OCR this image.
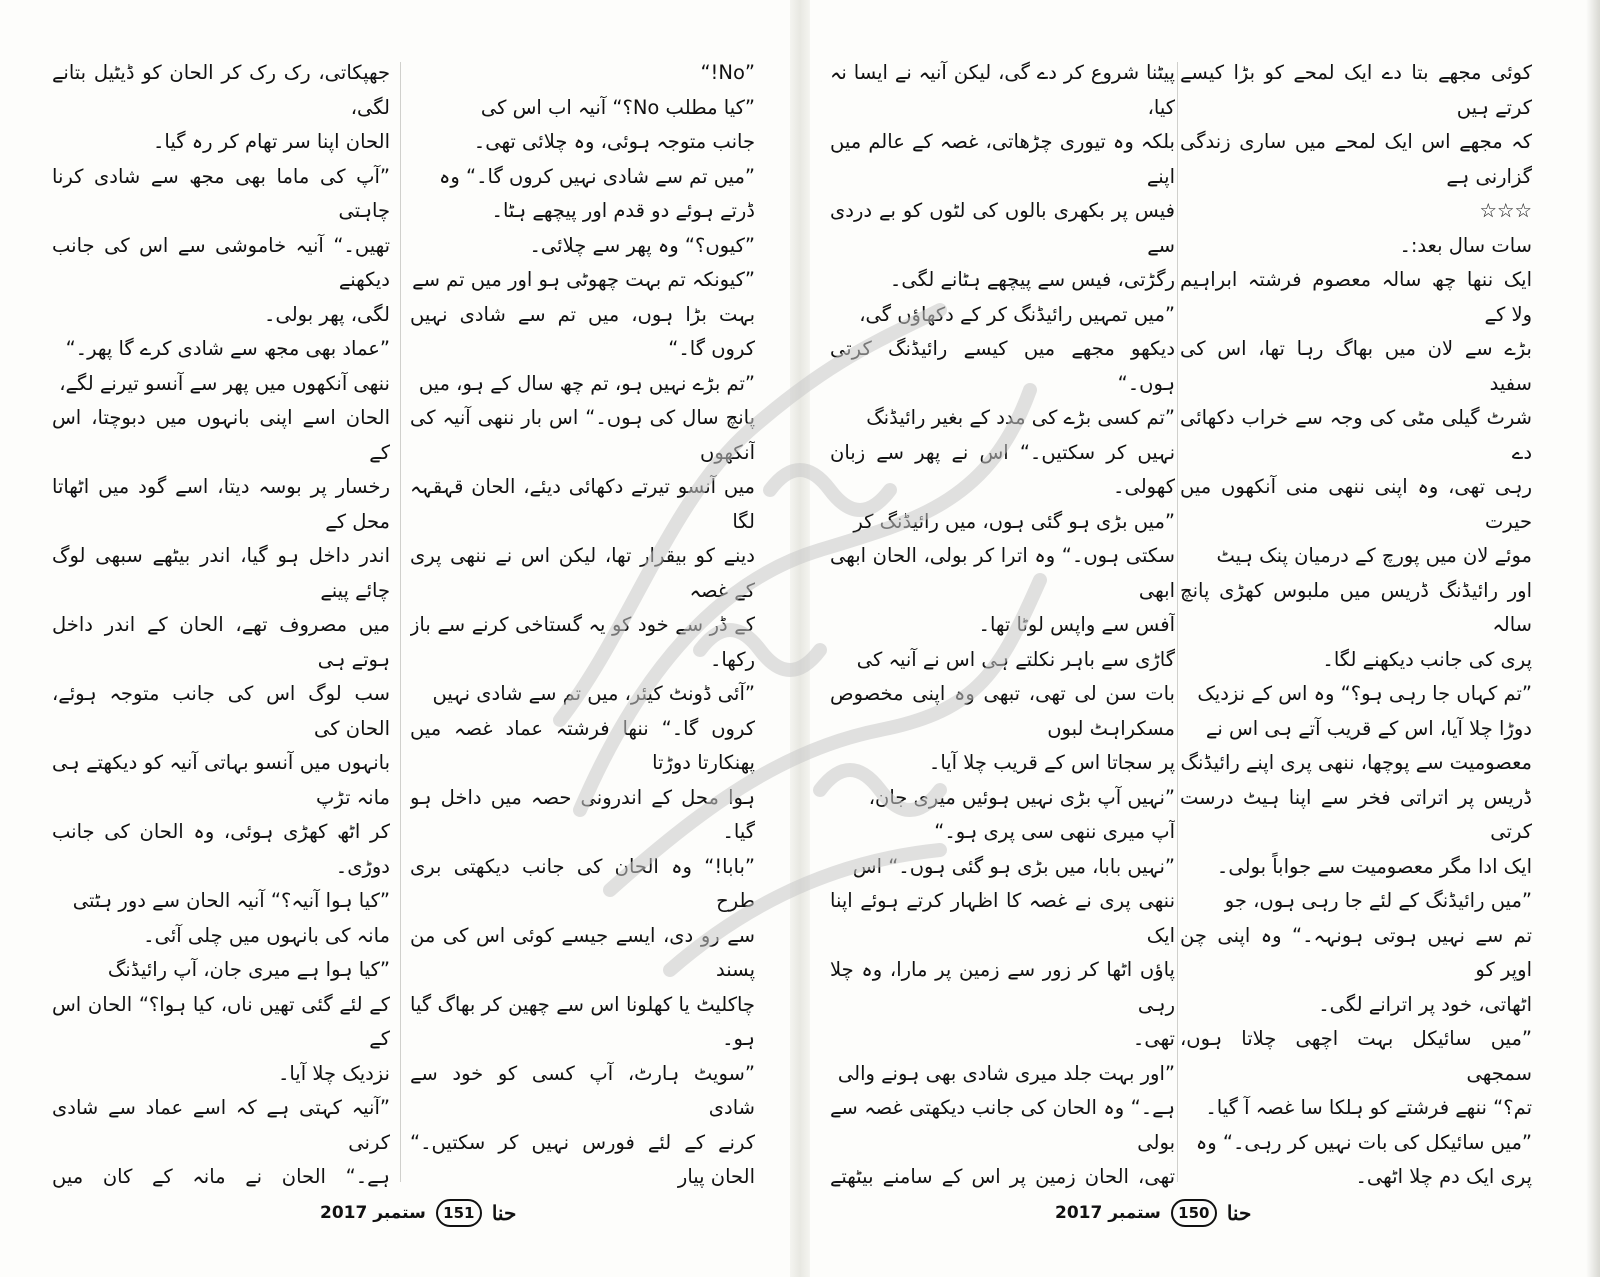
جھپکاتی، رک رک کر الحان کو ڈیٹیل بتانے لگی،
الحان اپنا سر تھام کر رہ گیا۔
”آپ کی ماما بھی مجھ سے شادی کرنا چاہتی
تھیں۔“ آنیہ خاموشی سے اس کی جانب دیکھنے
لگی، پھر بولی۔
”عماد بھی مجھ سے شادی کرے گا پھر۔“
ننھی آنکھوں میں پھر سے آنسو تیرنے لگے،
الحان اسے اپنی بانہوں میں دبوچتا، اس کے
رخسار پر بوسہ دیتا، اسے گود میں اٹھاتا محل کے
اندر داخل ہو گیا، اندر بیٹھے سبھی لوگ چائے پینے
میں مصروف تھے، الحان کے اندر داخل ہوتے ہی
سب لوگ اس کی جانب متوجہ ہوئے، الحان کی
بانہوں میں آنسو بہاتی آنیہ کو دیکھتے ہی مانہ تڑپ
کر اٹھ کھڑی ہوئی، وہ الحان کی جانب دوڑی۔
”کیا ہوا آنیہ؟“ آنیہ الحان سے دور ہٹتی
مانہ کی بانہوں میں چلی آئی۔
”کیا ہوا ہے میری جان، آپ رائیڈنگ
کے لئے گئی تھیں ناں، کیا ہوا؟“ الحان اس کے
نزدیک چلا آیا۔
”آنیہ کہتی ہے کہ اسے عماد سے شادی کرنی
ہے۔“ الحان نے مانہ کے کان میں

”No!“
”کیا مطلب No؟“ آنیہ اب اس کی
جانب متوجہ ہوئی، وہ چلائی تھی۔
”میں تم سے شادی نہیں کروں گا۔“ وہ
ڈرتے ہوئے دو قدم اور پیچھے ہٹا۔
”کیوں؟“ وہ پھر سے چلائی۔
”کیونکہ تم بہت چھوٹی ہو اور میں تم سے
بہت بڑا ہوں، میں تم سے شادی نہیں کروں گا۔“
”تم بڑے نہیں ہو، تم چھ سال کے ہو، میں
پانچ سال کی ہوں۔“ اس بار ننھی آنیہ کی آنکھوں
میں آنسو تیرتے دکھائی دیئے، الحان قہقہہ لگا
دینے کو بیقرار تھا، لیکن اس نے ننھی پری کے غصہ
کے ڈر سے خود کو یہ گستاخی کرنے سے باز رکھا۔
”آئی ڈونٹ کیئر، میں تم سے شادی نہیں
کروں گا۔“ ننھا فرشتہ عماد غصہ میں پھنکارتا دوڑتا
ہوا محل کے اندرونی حصہ میں داخل ہو گیا۔
”بابا!“ وہ الحان کی جانب دیکھتی بری طرح
سے رو دی، ایسے جیسے کوئی اس کی من پسند
چاکلیٹ یا کھلونا اس سے چھین کر بھاگ گیا ہو۔
”سویٹ ہارٹ، آپ کسی کو خود سے شادی
کرنے کے لئے فورس نہیں کر سکتیں۔“ الحان پیار

ستمبر 2017	151 حنا
پیٹنا شروع کر دے گی، لیکن آنیہ نے ایسا نہ کیا،
بلکہ وہ تیوری چڑھاتی، غصہ کے عالم میں اپنے
فیس پر بکھری بالوں کی لٹوں کو بے دردی سے
رگڑتی، فیس سے پیچھے ہٹانے لگی۔
”میں تمہیں رائیڈنگ کر کے دکھاؤں گی،
دیکھو مجھے میں کیسے رائیڈنگ کرتی ہوں۔“
”تم کسی بڑے کی مدد کے بغیر رائیڈنگ
نہیں کر سکتیں۔“ اس نے پھر سے زبان کھولی۔
”میں بڑی ہو گئی ہوں، میں رائیڈنگ کر
سکتی ہوں۔“ وہ اترا کر بولی، الحان ابھی ابھی
آفس سے واپس لوٹا تھا۔
گاڑی سے باہر نکلتے ہی اس نے آنیہ کی
بات سن لی تھی، تبھی وہ اپنی مخصوص مسکراہٹ لبوں
پر سجاتا اس کے قریب چلا آیا۔
”نہیں آپ بڑی نہیں ہوئیں میری جان،
آپ میری ننھی سی پری ہو۔“
”نہیں بابا، میں بڑی ہو گئی ہوں۔“ اس
ننھی پری نے غصہ کا اظہار کرتے ہوئے اپنا ایک
پاؤں اٹھا کر زور سے زمین پر مارا، وہ چلا رہی
تھی۔
”اور بہت جلد میری شادی بھی ہونے والی
ہے۔“ وہ الحان کی جانب دیکھتی غصہ سے بولی
تھی، الحان زمین پر اس کے سامنے بیٹھتے

کوئی مجھے بتا دے ایک لمحے کو بڑا کیسے کرتے ہیں
کہ مجھے اس ایک لمحے میں ساری زندگی گزارنی ہے
☆☆☆
سات سال بعد:۔
ایک ننھا چھ سالہ معصوم فرشتہ ابراہیم ولا کے
بڑے سے لان میں بھاگ رہا تھا، اس کی سفید
شرٹ گیلی مٹی کی وجہ سے خراب دکھائی دے
رہی تھی، وہ اپنی ننھی منی آنکھوں میں حیرت
موئے لان میں پورچ کے درمیان پنک ہیٹ
اور رائیڈنگ ڈریس میں ملبوس کھڑی پانچ سالہ
پری کی جانب دیکھنے لگا۔
”تم کہاں جا رہی ہو؟“ وہ اس کے نزدیک
دوڑا چلا آیا، اس کے قریب آتے ہی اس نے
معصومیت سے پوچھا، ننھی پری اپنے رائیڈنگ
ڈریس پر اتراتی فخر سے اپنا ہیٹ درست کرتی
ایک ادا مگر معصومیت سے جواباً بولی۔
”میں رائیڈنگ کے لئے جا رہی ہوں، جو
تم سے نہیں ہوتی ہونہہ۔“ وہ اپنی چن اوپر کو
اٹھاتی، خود پر اترانے لگی۔
”میں سائیکل بہت اچھی چلاتا ہوں، سمجھی
تم؟“ ننھے فرشتے کو ہلکا سا غصہ آ گیا۔
”میں سائیکل کی بات نہیں کر رہی۔“ وہ
پری ایک دم چلا اٹھی۔

ستمبر 2017	150 حنا
